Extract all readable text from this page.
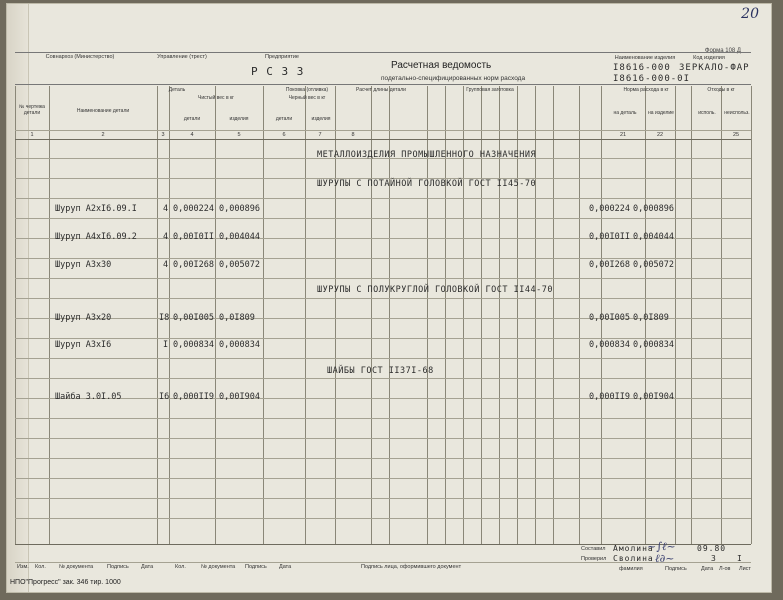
20
Форма 108 Д
Совнархоз (Министерство)	Управление (трест)	Предприятие
Р С З З	Расчетная ведомость
подетально-специфицированных норм расхода
Наименование изделия	Код изделия
I8616-000
I8616-000-0I
ЗЕРКАЛО-ФАР
Деталь
Чистый вес в кг
Поковка (отливка)
Черный вес в кг
Расчет длины детали	Групповая заготовка	Норма расхода в кг	Отходы в кг
№ чертежа детали	Наименование детали
детали	изделия	детали	изделия
на деталь	на изделие	исполь.	неиспольз.
1	2	3	4	5	6	7	8	21	22	25
МЕТАЛЛОИЗДЕЛИЯ ПРОМЫШЛЕННОГО НАЗНАЧЕНИЯ
ШУРУПЫ С ПОТАЙНОЙ ГОЛОВКОЙ ГОСТ II45-70
Шуруп А2хI6.09.I	4 0,000224 0,000896	0,000224 0,000896
Шуруп А4хI6.09.2	4 0,00I0II 0,004044	0,00I0II 0,004044
Шуруп А3х30	4 0,00I268 0,005072	0,00I268 0,005072
ШУРУПЫ С ПОЛУКРУГЛОЙ ГОЛОВКОЙ ГОСТ II44-70
Шуруп А3х20	I8 0,00I005 0,0I809	0,00I005 0,0I809
Шуруп А3хI6	I 0,000834 0,000834	0,000834 0,000834
ШАЙБЫ ГОСТ II37I-68
Шайба 3.0I.05	I6 0,000II9 0,00I904	0,000II9 0,00I904
Изм. Кол. № документа	Подпись Дата	Кол.	№ документа Подпись Дата	Подпись лица, оформившего документ
Составил
Проверил
Амолина
Сволина
~∫ℓ~
ℓ∂~
09.80
3	I
фамилия	Подпись	Дата Л-ов Лист
НПО"Прогресс" зак. 346 тир. 1000
